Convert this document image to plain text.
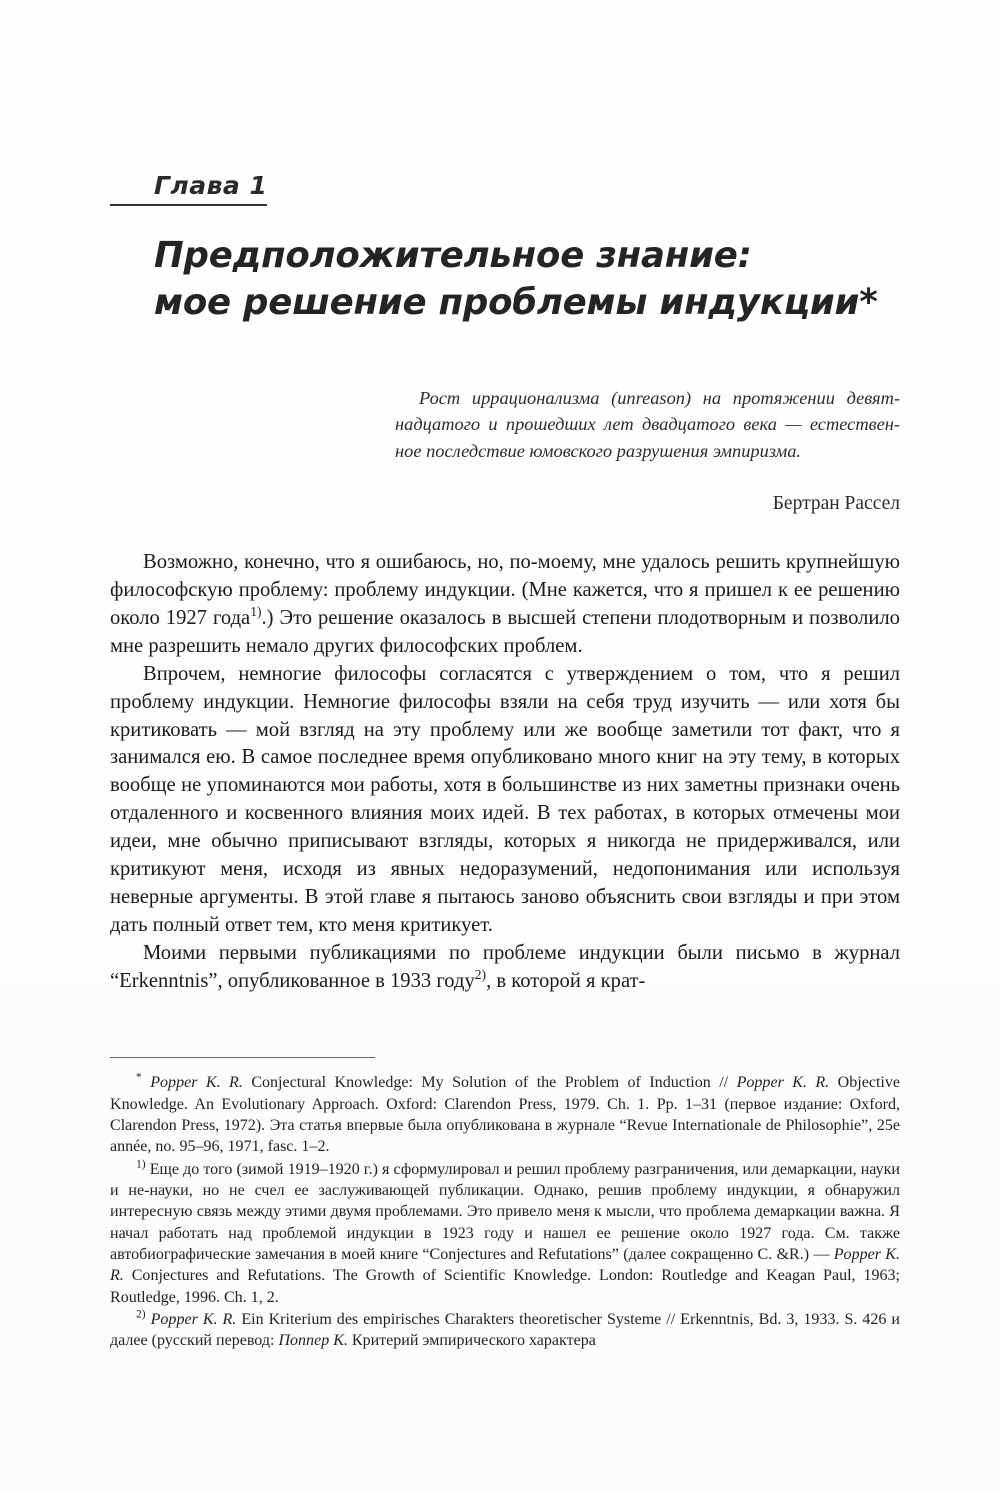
Глава 1
Предположительное знание:
мое решение проблемы индукции*
Рост иррационализма (unreason) на протяжении девят- надцатого и прошедших лет двадцатого века — естествен- ное последствие юмовского разрушения эмпиризма.
Бертран Рассел

Возможно, конечно, что я ошибаюсь, но, по-моему, мне удалось решить крупнейшую философскую проблему: проблему индукции. (Мне кажется, что я пришел к ее решению около 1927 года$^{1)}$.) Это решение оказалось в высшей степени плодотворным и позволило мне разрешить немало других философских проблем.

Впрочем, немногие философы согласятся с утверждением о том, что я решил проблему индукции. Немногие философы взяли на себя труд изучить — или хотя бы критиковать — мой взгляд на эту проблему или же вообще заметили тот факт, что я занимался ею. В самое последнее время опубликовано много книг на эту тему, в которых вообще не упоминаются мои работы, хотя в большинстве из них заметны признаки очень отдаленного и косвенного влияния моих идей. В тех работах, в которых отмечены мои идеи, мне обычно приписывают взгляды, которых я никогда не придерживался, или критикуют меня, исходя из явных недоразумений, недопонимания или используя неверные аргументы. В этой главе я пытаюсь заново объяснить свои взгляды и при этом дать полный ответ тем, кто меня критикует.

Моими первыми публикациями по проблеме индукции были письмо в журнал “Erkenntnis”, опубликованное в 1933 году$^{2)}$, в которой я крат-

* Popper K. R. Conjectural Knowledge: My Solution of the Problem of Induction // Popper K. R. Objective Knowledge. An Evolutionary Approach. Oxford: Clarendon Press, 1979. Ch. 1. Pp. 1–31 (первое издание: Oxford, Clarendon Press, 1972). Эта статья впервые была опубликована в журнале “Revue Internationale de Philosophie”, 25e année, no. 95–96, 1971, fasc. 1–2.

$^{1)}$ Еще до того (зимой 1919–1920 г.) я сформулировал и решил проблему разграничения, или демаркации, науки и не-науки, но не счел ее заслуживающей публикации. Однако, решив проблему индукции, я обнаружил интересную связь между этими двумя проблемами. Это привело меня к мысли, что проблема демаркации важна. Я начал работать над проблемой индукции в 1923 году и нашел ее решение около 1927 года. См. также автобиографические замечания в моей книге “Conjectures and Refutations” (далее сокращенно C. &R.) — Popper K. R. Conjectures and Refutations. The Growth of Scientific Knowledge. London: Routledge and Keagan Paul, 1963; Routledge, 1996. Ch. 1, 2.

$^{2)}$ Popper K. R. Ein Kriterium des empirisches Charakters theoretischer Systeme // Erkenntnis, Bd. 3, 1933. S. 426 и далее (русский перевод: Поппер К. Критерий эмпирического характера
